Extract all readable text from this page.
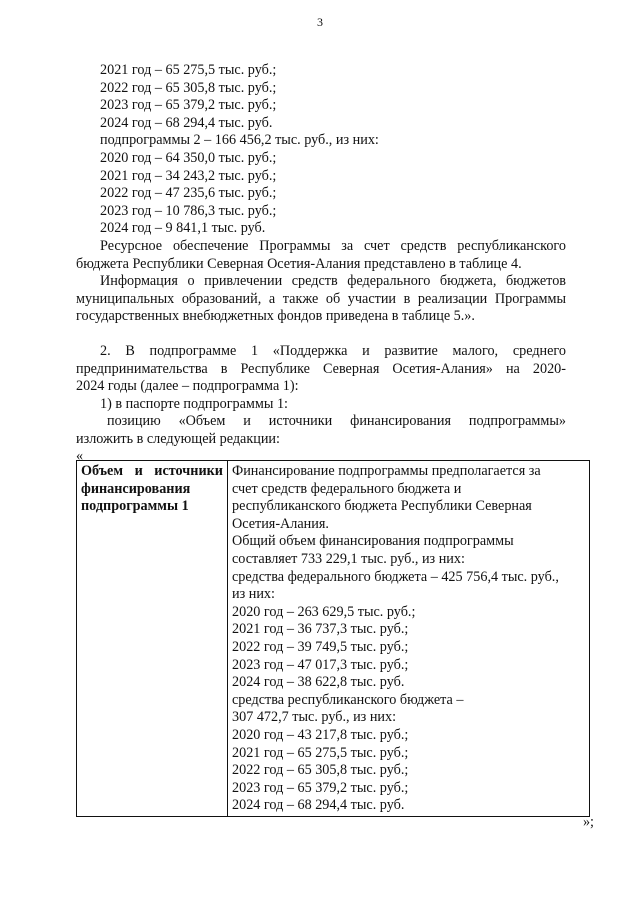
3
2021 год – 65 275,5 тыс. руб.;
2022 год – 65 305,8 тыс. руб.;
2023 год – 65 379,2 тыс. руб.;
2024 год – 68 294,4 тыс. руб.
подпрограммы 2 – 166 456,2 тыс. руб., из них:
2020 год – 64 350,0 тыс. руб.;
2021 год – 34 243,2 тыс. руб.;
2022 год – 47 235,6 тыс. руб.;
2023 год – 10 786,3 тыс. руб.;
2024 год – 9 841,1 тыс. руб.
Ресурсное обеспечение Программы за счет средств республиканского
бюджета Республики Северная Осетия-Алания представлено в таблице 4.
Информация о привлечении средств федерального бюджета, бюджетов
муниципальных образований, а также об участии в реализации Программы
государственных внебюджетных фондов приведена в таблице 5.».
2. В подпрограмме 1 «Поддержка и развитие малого, среднего
предпринимательства в Республике Северная Осетия-Алания» на 2020-
2024 годы (далее – подпрограмма 1):
1) в паспорте подпрограммы 1:
позицию «Объем и источники финансирования подпрограммы»
изложить в следующей редакции:
«
Объем и источники
финансирования
подпрограммы 1

Финансирование подпрограммы предполагается за
счет средств федерального бюджета и
республиканского бюджета Республики Северная
Осетия-Алания.
Общий объем финансирования подпрограммы
составляет 733 229,1 тыс. руб., из них:
средства федерального бюджета – 425 756,4 тыс. руб.,
из них:
2020 год – 263 629,5 тыс. руб.;
2021 год – 36 737,3 тыс. руб.;
2022 год – 39 749,5 тыс. руб.;
2023 год – 47 017,3 тыс. руб.;
2024 год – 38 622,8 тыс. руб.
средства республиканского бюджета –
307 472,7 тыс. руб., из них:
2020 год – 43 217,8 тыс. руб.;
2021 год – 65 275,5 тыс. руб.;
2022 год – 65 305,8 тыс. руб.;
2023 год – 65 379,2 тыс. руб.;
2024 год – 68 294,4 тыс. руб.
»;
